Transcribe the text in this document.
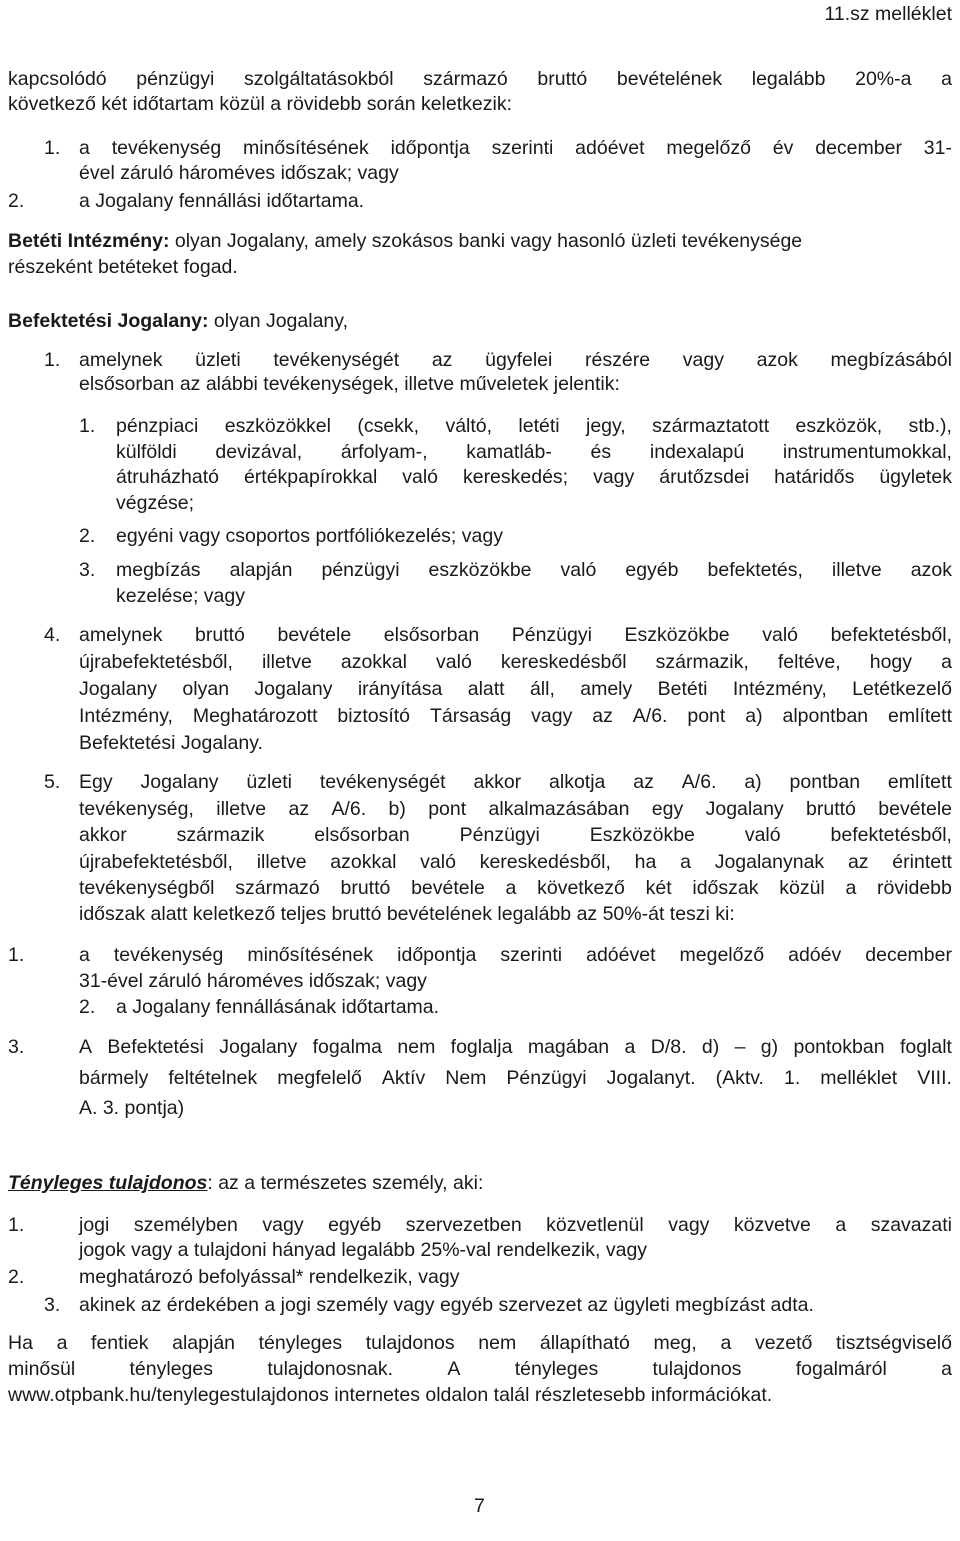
11.sz melléklet
kapcsolódó pénzügyi szolgáltatásokból származó bruttó bevételének legalább 20%-a a
következő két időtartam közül a rövidebb során keletkezik:
1. a tevékenység minősítésének időpontja szerinti adóévet megelőző év december 31-
ével záruló hároméves időszak; vagy
2.	a Jogalany fennállási időtartama.
Betéti Intézmény: olyan Jogalany, amely szokásos banki vagy hasonló üzleti tevékenysége
részeként betéteket fogad.
Befektetési Jogalany: olyan Jogalany,
1. amelynek üzleti tevékenységét az ügyfelei részére vagy azok megbízásából
elsősorban az alábbi tevékenységek, illetve műveletek jelentik:
1. pénzpiaci eszközökkel (csekk, váltó, letéti jegy, származtatott eszközök, stb.),
külföldi devizával, árfolyam-, kamatláb- és indexalapú instrumentumokkal,
átruházható értékpapírokkal való kereskedés; vagy árutőzsdei határidős ügyletek
végzése;
2. egyéni vagy csoportos portfóliókezelés; vagy
3. megbízás alapján pénzügyi eszközökbe való egyéb befektetés, illetve azok
kezelése; vagy
4. amelynek bruttó bevétele elsősorban Pénzügyi Eszközökbe való befektetésből,
újrabefektetésből, illetve azokkal való kereskedésből származik, feltéve, hogy a
Jogalany olyan Jogalany irányítása alatt áll, amely Betéti Intézmény, Letétkezelő
Intézmény, Meghatározott biztosító Társaság vagy az A/6. pont a) alpontban említett
Befektetési Jogalany.
5. Egy Jogalany üzleti tevékenységét akkor alkotja az A/6. a) pontban említett
tevékenység, illetve az A/6. b) pont alkalmazásában egy Jogalany bruttó bevétele
akkor	származik	elsősorban	Pénzügyi	Eszközökbe	való	befektetésből,
újrabefektetésből, illetve azokkal való kereskedésből, ha a Jogalanynak az érintett
tevékenységből származó bruttó bevétele a következő két időszak közül a rövidebb
időszak alatt keletkező teljes bruttó bevételének legalább az 50%-át teszi ki:
1.	a tevékenység minősítésének időpontja szerinti adóévet megelőző adóév december
31-ével záruló hároméves időszak; vagy
2. a Jogalany fennállásának időtartama.
3.	A Befektetési Jogalany fogalma nem foglalja magában a D/8. d) – g) pontokban foglalt
bármely feltételnek megfelelő Aktív Nem Pénzügyi Jogalanyt. (Aktv. 1. melléklet VIII.
A. 3. pontja)
Tényleges tulajdonos: az a természetes személy, aki:
1.	jogi személyben vagy egyéb szervezetben közvetlenül vagy közvetve a szavazati
jogok vagy a tulajdoni hányad legalább 25%-val rendelkezik, vagy
2.	meghatározó befolyással* rendelkezik, vagy
3. akinek az érdekében a jogi személy vagy egyéb szervezet az ügyleti megbízást adta.
Ha a fentiek alapján tényleges tulajdonos nem állapítható meg, a vezető tisztségviselő
minősül	tényleges	tulajdonosnak.	A	tényleges	tulajdonos	fogalmáról	a
www.otpbank.hu/tenylegestulajdonos internetes oldalon talál részletesebb információkat.
7
